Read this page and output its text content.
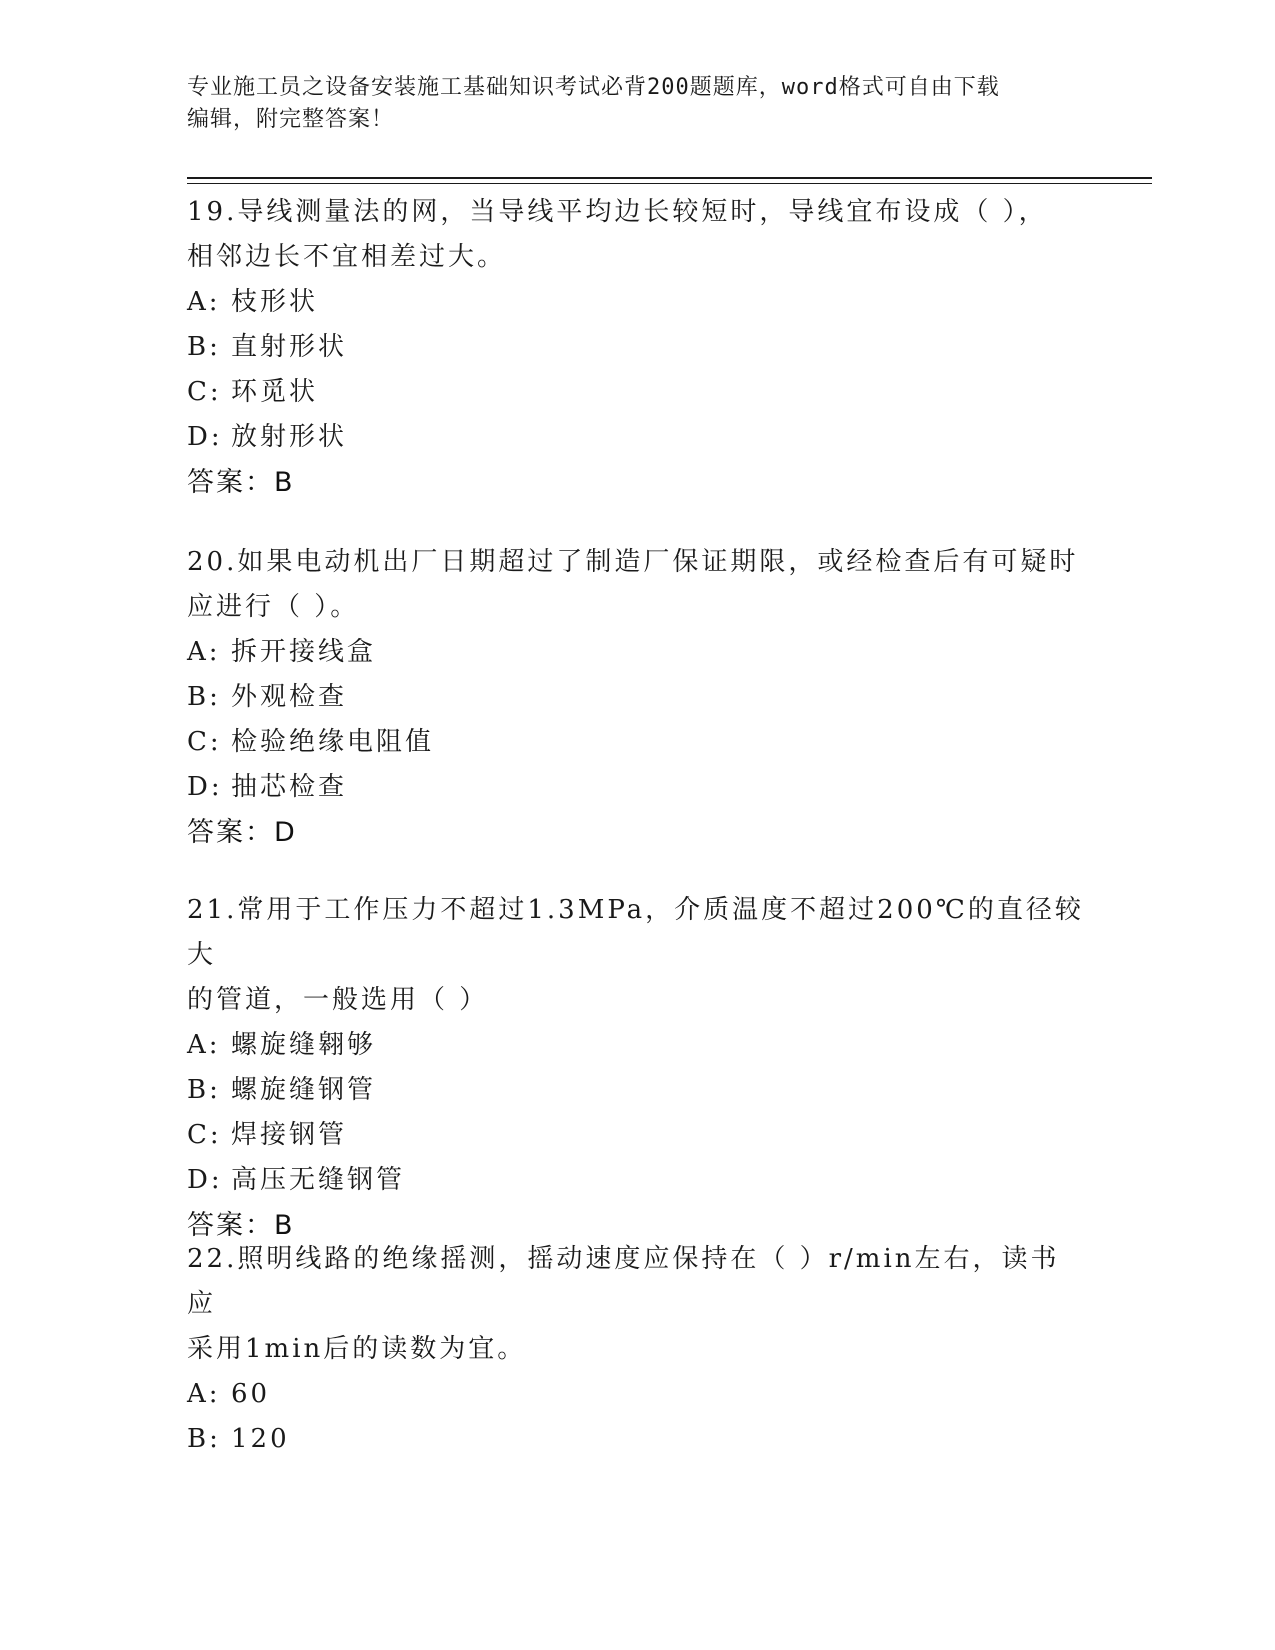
专业施工员之设备安装施工基础知识考试必背200题题库，word格式可自由下载
编辑，附完整答案！

19.导线测量法的网，当导线平均边长较短时，导线宜布设成（ ），

相邻边长不宜相差过大。

A: 枝形状

B: 直射形状

C: 环觅状

D: 放射形状

答案：B

20.如果电动机出厂日期超过了制造厂保证期限，或经检查后有可疑时

应进行（ ）。

A: 拆开接线盒

B: 外观检查

C: 检验绝缘电阻值

D: 抽芯检查

答案：D

21.常用于工作压力不超过1.3MPa，介质温度不超过200℃的直径较大

的管道，一般选用（ ）

A: 螺旋缝翱够

B: 螺旋缝钢管

C: 焊接钢管

D: 高压无缝钢管

答案：B

22.照明线路的绝缘摇测，摇动速度应保持在（ ）r/min左右，读书应

采用1min后的读数为宜。

A: 60

B: 120
